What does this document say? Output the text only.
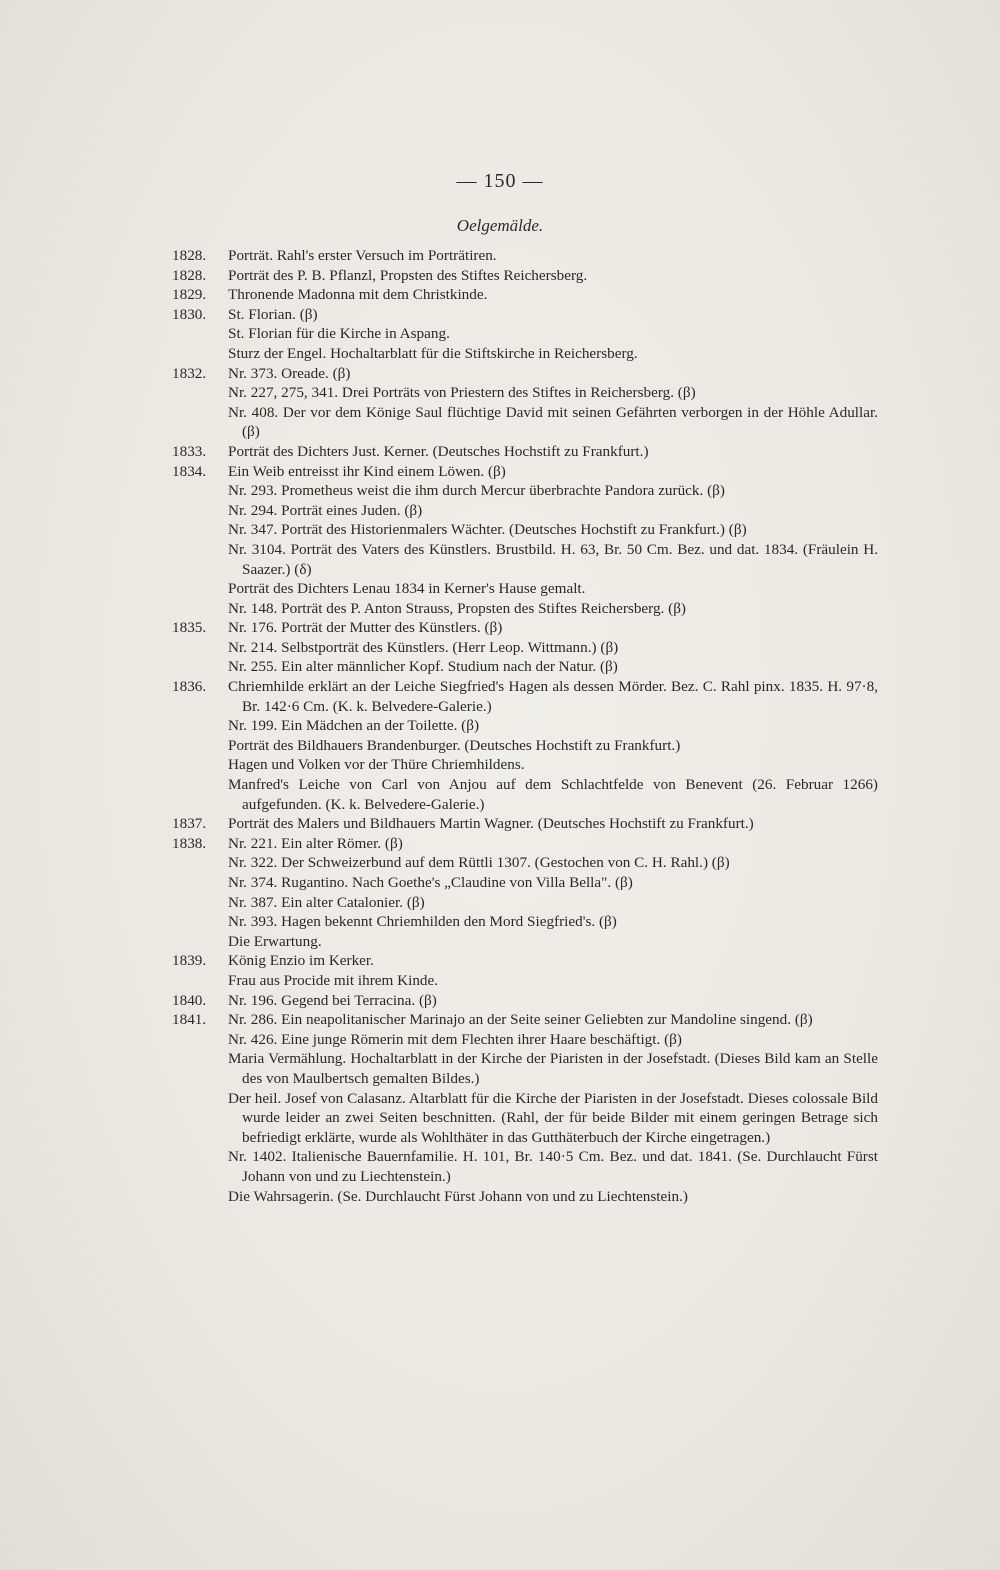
— 150 —
Oelgemälde.
1828. Porträt. Rahl's erster Versuch im Porträtiren.
1828. Porträt des P. B. Pflanzl, Propsten des Stiftes Reichersberg.
1829. Thronende Madonna mit dem Christkinde.
1830. St. Florian. (β)
St. Florian für die Kirche in Aspang.
Sturz der Engel. Hochaltarblatt für die Stiftskirche in Reichersberg.
1832. Nr. 373. Oreade. (β)
Nr. 227, 275, 341. Drei Porträts von Priestern des Stiftes in Reichersberg. (β)
Nr. 408. Der vor dem Könige Saul flüchtige David mit seinen Gefährten verborgen in der Höhle Adullar. (β)
1833. Porträt des Dichters Just. Kerner. (Deutsches Hochstift zu Frankfurt.)
1834. Ein Weib entreisst ihr Kind einem Löwen. (β)
Nr. 293. Prometheus weist die ihm durch Mercur überbrachte Pandora zurück. (β)
Nr. 294. Porträt eines Juden. (β)
Nr. 347. Porträt des Historienmalers Wächter. (Deutsches Hochstift zu Frankfurt.) (β)
Nr. 3104. Porträt des Vaters des Künstlers. Brustbild. H. 63, Br. 50 Cm. Bez. und dat. 1834. (Fräulein H. Saazer.) (δ)
Porträt des Dichters Lenau 1834 in Kerner's Hause gemalt.
Nr. 148. Porträt des P. Anton Strauss, Propsten des Stiftes Reichersberg. (β)
1835. Nr. 176. Porträt der Mutter des Künstlers. (β)
Nr. 214. Selbstporträt des Künstlers. (Herr Leop. Wittmann.) (β)
Nr. 255. Ein alter männlicher Kopf. Studium nach der Natur. (β)
1836. Chriemhilde erklärt an der Leiche Siegfried's Hagen als dessen Mörder. Bez. C. Rahl pinx. 1835. H. 97·8, Br. 142·6 Cm. (K. k. Belvedere-Galerie.)
Nr. 199. Ein Mädchen an der Toilette. (β)
Porträt des Bildhauers Brandenburger. (Deutsches Hochstift zu Frankfurt.)
Hagen und Volken vor der Thüre Chriemhildens.
Manfred's Leiche von Carl von Anjou auf dem Schlachtfelde von Benevent (26. Februar 1266) aufgefunden. (K. k. Belvedere-Galerie.)
1837. Porträt des Malers und Bildhauers Martin Wagner. (Deutsches Hochstift zu Frankfurt.)
1838. Nr. 221. Ein alter Römer. (β)
Nr. 322. Der Schweizerbund auf dem Rüttli 1307. (Gestochen von C. H. Rahl.) (β)
Nr. 374. Rugantino. Nach Goethe's „Claudine von Villa Bella". (β)
Nr. 387. Ein alter Catalonier. (β)
Nr. 393. Hagen bekennt Chriemhilden den Mord Siegfried's. (β)
Die Erwartung.
1839. König Enzio im Kerker.
Frau aus Procide mit ihrem Kinde.
1840. Nr. 196. Gegend bei Terracina. (β)
1841. Nr. 286. Ein neapolitanischer Marinajo an der Seite seiner Geliebten zur Mandoline singend. (β)
Nr. 426. Eine junge Römerin mit dem Flechten ihrer Haare beschäftigt. (β)
Maria Vermählung. Hochaltarblatt in der Kirche der Piaristen in der Josefstadt. (Dieses Bild kam an Stelle des von Maulbertsch gemalten Bildes.)
Der heil. Josef von Calasanz. Altarblatt für die Kirche der Piaristen in der Josefstadt. Dieses colossale Bild wurde leider an zwei Seiten beschnitten. (Rahl, der für beide Bilder mit einem geringen Betrage sich befriedigt erklärte, wurde als Wohlthäter in das Gutthäterbuch der Kirche eingetragen.)
Nr. 1402. Italienische Bauernfamilie. H. 101, Br. 140·5 Cm. Bez. und dat. 1841. (Se. Durchlaucht Fürst Johann von und zu Liechtenstein.)
Die Wahrsagerin. (Se. Durchlaucht Fürst Johann von und zu Liechtenstein.)
